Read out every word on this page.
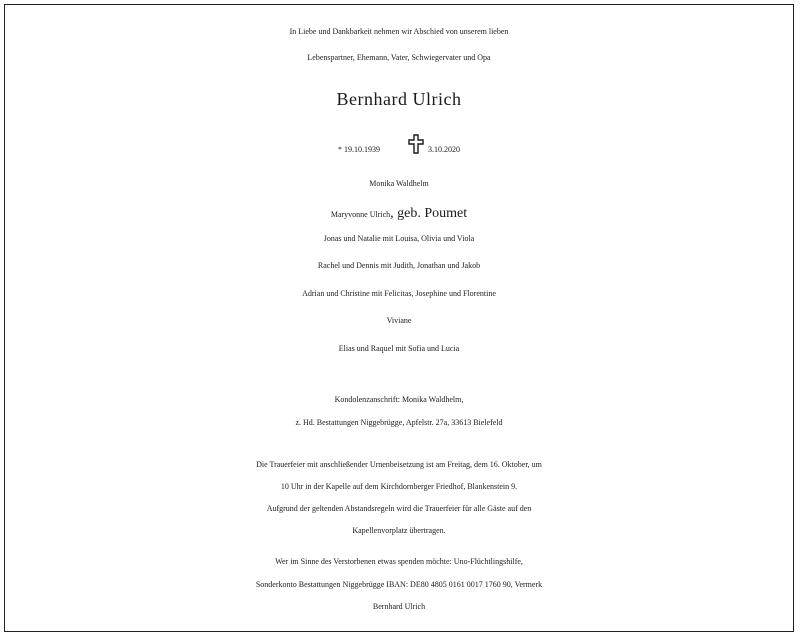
In Liebe und Dankbarkeit nehmen wir Abschied von unserem lieben
Lebenspartner, Ehemann, Vater, Schwiegervater und Opa
Bernhard Ulrich
* 19.10.1939	3.10.2020
Monika Waldhelm
Maryvonne Ulrich, geb. Poumet
Jonas und Natalie mit Louisa, Olivia und Viola
Rachel und Dennis mit Judith, Jonathan und Jakob
Adrian und Christine mit Felicitas, Josephine und Florentine
Viviane
Elias und Raquel mit Sofia und Lucia
Kondolenzanschrift: Monika Waldhelm,
z. Hd. Bestattungen Niggebrügge, Apfelstr. 27a, 33613 Bielefeld
Die Trauerfeier mit anschließender Urnenbeisetzung ist am Freitag, dem 16. Oktober, um
10 Uhr in der Kapelle auf dem Kirchdornberger Friedhof, Blankenstein 9.
Aufgrund der geltenden Abstandsregeln wird die Trauerfeier für alle Gäste auf den
Kapellenvorplatz übertragen.
Wer im Sinne des Verstorbenen etwas spenden möchte: Uno-Flüchtlingshilfe,
Sonderkonto Bestattungen Niggebrügge IBAN: DE80 4805 0161 0017 1760 90, Vermerk
Bernhard Ulrich
